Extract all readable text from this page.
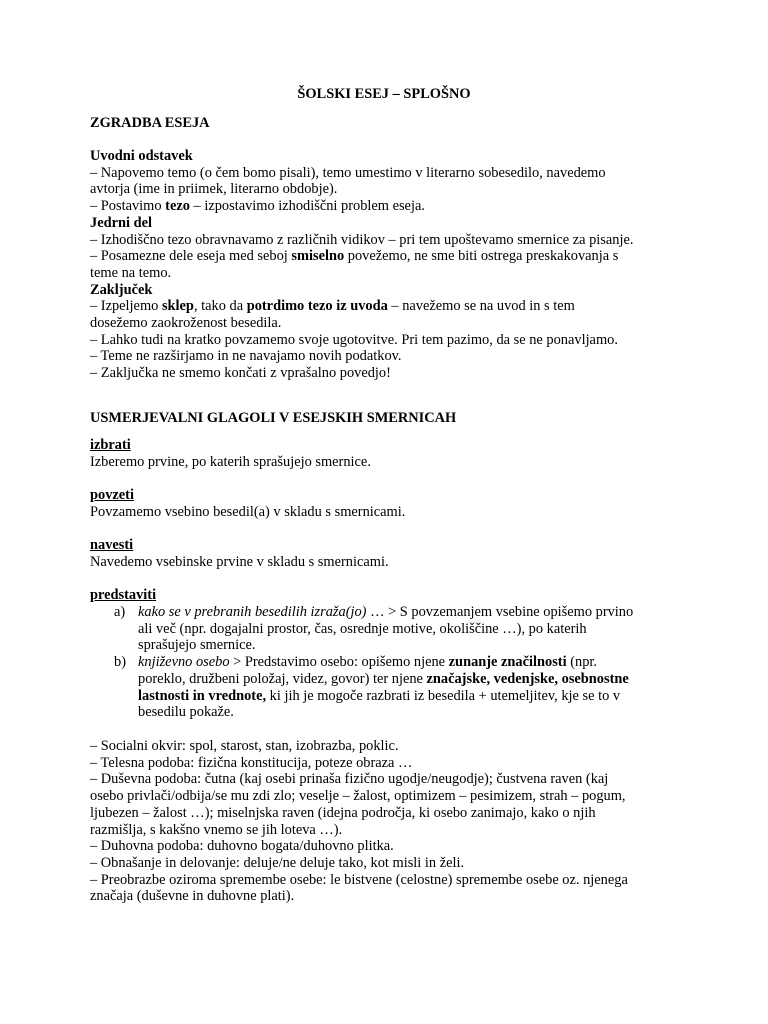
ŠOLSKI ESEJ – SPLOŠNO
ZGRADBA ESEJA
Uvodni odstavek
– Napovemo temo (o čem bomo pisali), temo umestimo v literarno sobesedilo, navedemo
avtorja (ime in priimek, literarno obdobje).
– Postavimo tezo – izpostavimo izhodiščni problem eseja.
Jedrni del
– Izhodiščno tezo obravnavamo z različnih vidikov – pri tem upoštevamo smernice za pisanje.
– Posamezne dele eseja med seboj smiselno povežemo, ne sme biti ostrega preskakovanja s
teme na temo.
Zaključek
– Izpeljemo sklep, tako da potrdimo tezo iz uvoda – navežemo se na uvod in s tem
dosežemo zaokroženost besedila.
– Lahko tudi na kratko povzamemo svoje ugotovitve. Pri tem pazimo, da se ne ponavljamo.
– Teme ne razširjamo in ne navajamo novih podatkov.
– Zaključka ne smemo končati z vprašalno povedjo!
USMERJEVALNI GLAGOLI V ESEJSKIH SMERNICAH
izbrati
Izberemo prvine, po katerih sprašujejo smernice.
povzeti
Povzamemo vsebino besedil(a) v skladu s smernicami.
navesti
Navedemo vsebinske prvine v skladu s smernicami.
predstaviti
a) kako se v prebranih besedilih izraža(jo) … > S povzemanjem vsebine opišemo prvino
ali več (npr. dogajalni prostor, čas, osrednje motive, okoliščine …), po katerih
sprašujejo smernice.
b) književno osebo > Predstavimo osebo: opišemo njene zunanje značilnosti (npr.
poreklo, družbeni položaj, videz, govor) ter njene značajske, vedenjske, osebnostne
lastnosti in vrednote, ki jih je mogoče razbrati iz besedila + utemeljitev, kje se to v
besedilu pokaže.
– Socialni okvir: spol, starost, stan, izobrazba, poklic.
– Telesna podoba: fizična konstitucija, poteze obraza …
– Duševna podoba: čutna (kaj osebi prinaša fizično ugodje/neugodje); čustvena raven (kaj
osebo privlači/odbija/se mu zdi zlo; veselje – žalost, optimizem – pesimizem, strah – pogum,
ljubezen – žalost …); miselnjska raven (idejna področja, ki osebo zanimajo, kako o njih
razmišlja, s kakšno vnemo se jih loteva …).
– Duhovna podoba: duhovno bogata/duhovno plitka.
– Obnašanje in delovanje: deluje/ne deluje tako, kot misli in želi.
– Preobrazbe oziroma spremembe osebe: le bistvene (celostne) spremembe osebe oz. njenega
značaja (duševne in duhovne plati).
